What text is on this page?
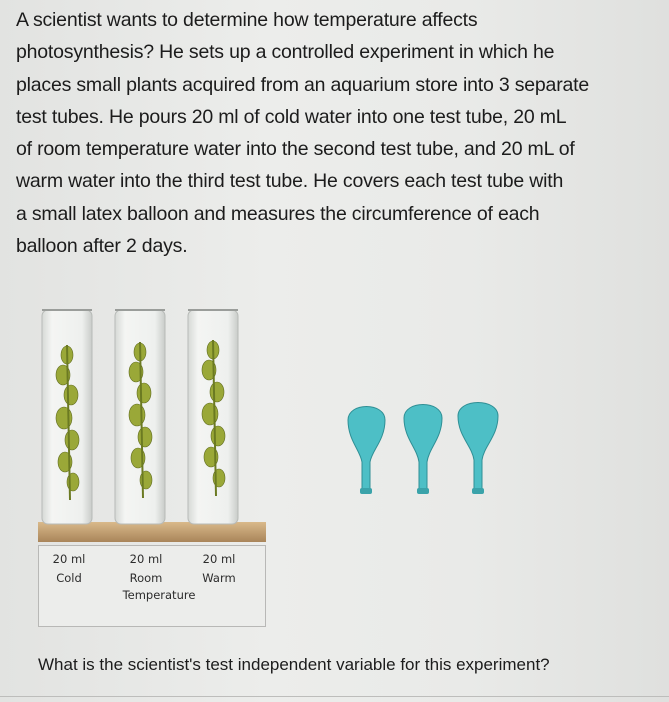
A scientist wants to determine how temperature affects
photosynthesis? He sets up a controlled experiment in which he
places small plants acquired from an aquarium store into 3 separate
test tubes. He pours 20 ml of cold water into one test tube, 20 mL
of room temperature water into the second test tube, and 20 mL of
warm water into the third test tube. He covers each test tube with
a small latex balloon and measures the circumference of each
balloon after 2 days.
20 ml
Cold
20 ml
Room
20 ml
Warm
Temperature

What is the scientist's test independent variable for this experiment?
